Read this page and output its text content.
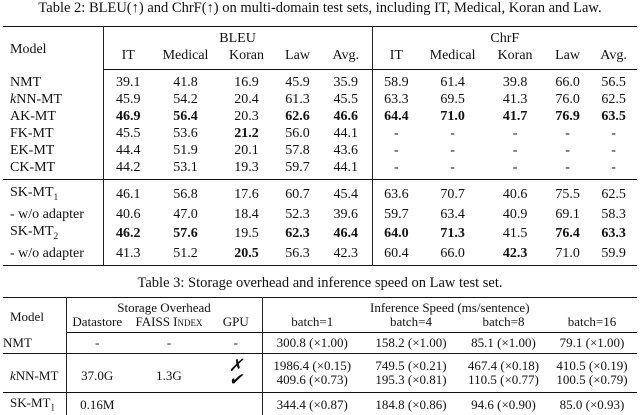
Table 2: BLEU(↑) and ChrF(↑) on multi-domain test sets, including IT, Medical, Koran and Law.
Model	BLEU					ChrF				
	IT	Medical	Koran	Law	Avg.	IT	Medical	Koran	Law	Avg.
NMT	39.1	41.8	16.9	45.9	35.9	58.9	61.4	39.8	66.0	56.5
kNN-MT	45.9	54.2	20.4	61.3	45.5	63.3	69.5	41.3	76.0	62.5
AK-MT	46.9	56.4	20.3	62.6	46.6	64.4	71.0	41.7	76.9	63.5
FK-MT	45.5	53.6	21.2	56.0	44.1	-	-	-	-	-
EK-MT	44.4	51.9	20.1	57.8	43.6	-	-	-	-	-
CK-MT	44.2	53.1	19.3	59.7	44.1	-	-	-	-	-
$SK-MT_1$	46.1	56.8	17.6	60.7	45.4	63.6	70.7	40.6	75.5	62.5
- w/o adapter	40.6	47.0	18.4	52.3	39.6	59.7	63.4	40.9	69.1	58.3
$SK-MT_2$	46.2	57.6	19.5	62.3	46.4	64.0	71.3	41.5	76.4	63.3
- w/o adapter	41.3	51.2	20.5	56.3	42.3	60.4	66.0	42.3	71.0	59.9
Table 3: Storage overhead and inference speed on Law test set.
Model	Storage Overhead			Inference Speed (ms/sentence)			
	Datastore	FAISS Index	GPU	batch=1	batch=4	batch=8	batch=16
NMT	-	-	-	300.8 (×1.00)	158.2 (×1.00)	85.1 (×1.00)	79.1 (×1.00)
kNN-MT	37.0G	1.3G	✗	1986.4 (×0.15)	749.5 (×0.21)	467.4 (×0.18)	410.5 (×0.19)
			✔	409.6 (×0.73)	195.3 (×0.81)	110.5 (×0.77)	100.5 (×0.79)
$SK-MT_1$	0.16M			344.4 (×0.87)	184.8 (×0.86)	94.6 (×0.90)	85.0 (×0.93)
